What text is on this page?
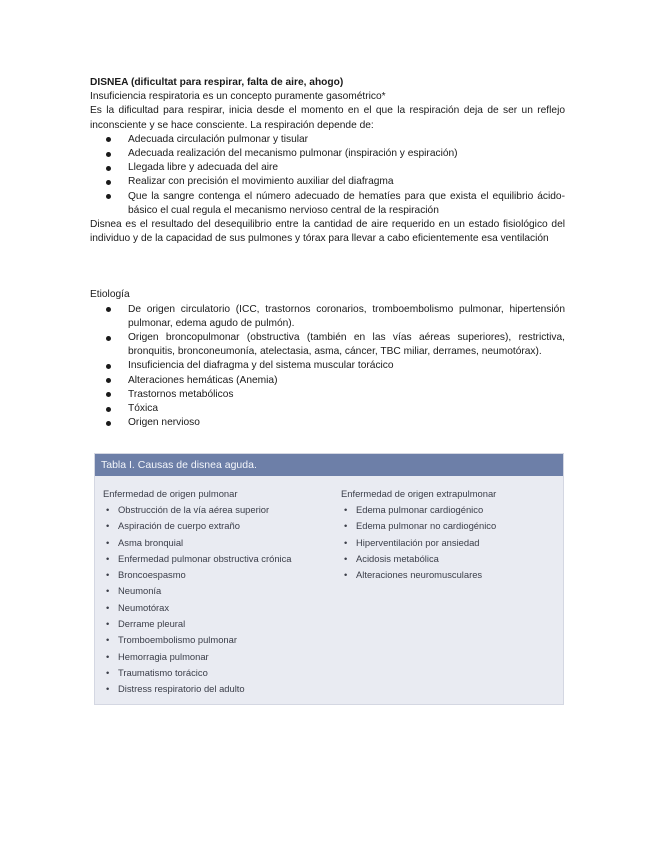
DISNEA (dificultat para respirar, falta de aire, ahogo)

Insuficiencia respiratoria es un concepto puramente gasométrico*

Es la dificultad para respirar, inicia desde el momento en el que la respiración deja de ser un reflejo inconsciente y se hace consciente. La respiración depende de:

Adecuada circulación pulmonar y tisular
Adecuada realización del mecanismo pulmonar (inspiración y espiración)
Llegada libre y adecuada del aire
Realizar con precisión el movimiento auxiliar del diafragma
Que la sangre contenga el número adecuado de hematíes para que exista el equilibrio ácido- básico el cual regula el mecanismo nervioso central de la respiración

Disnea es el resultado del desequilibrio entre la cantidad de aire requerido en un estado fisiológico del individuo y de la capacidad de sus pulmones y tórax para llevar a cabo eficientemente esa ventilación

Etiología
De origen circulatorio (ICC, trastornos coronarios, tromboembolismo pulmonar, hipertensión pulmonar, edema agudo de pulmón).
Origen broncopulmonar (obstructiva (también en las vías aéreas superiores), restrictiva, bronquitis, bronconeumonía, atelectasia, asma, cáncer, TBC miliar, derrames, neumotórax).
Insuficiencia del diafragma y del sistema muscular torácico
Alteraciones hemáticas (Anemia)
Trastornos metabólicos
Tóxica
Origen nervioso
Tabla I. Causas de disnea aguda.
Enfermedad de origen pulmonar
• Obstrucción de la vía aérea superior
• Aspiración de cuerpo extraño
• Asma bronquial
• Enfermedad pulmonar obstructiva crónica
• Broncoespasmo
• Neumonía
• Neumotórax
• Derrame pleural
• Tromboembolismo pulmonar
• Hemorragia pulmonar
• Traumatismo torácico
• Distress respiratorio del adulto
Enfermedad de origen extrapulmonar
• Edema pulmonar cardiogénico
• Edema pulmonar no cardiogénico
• Hiperventilación por ansiedad
• Acidosis metabólica
• Alteraciones neuromusculares
